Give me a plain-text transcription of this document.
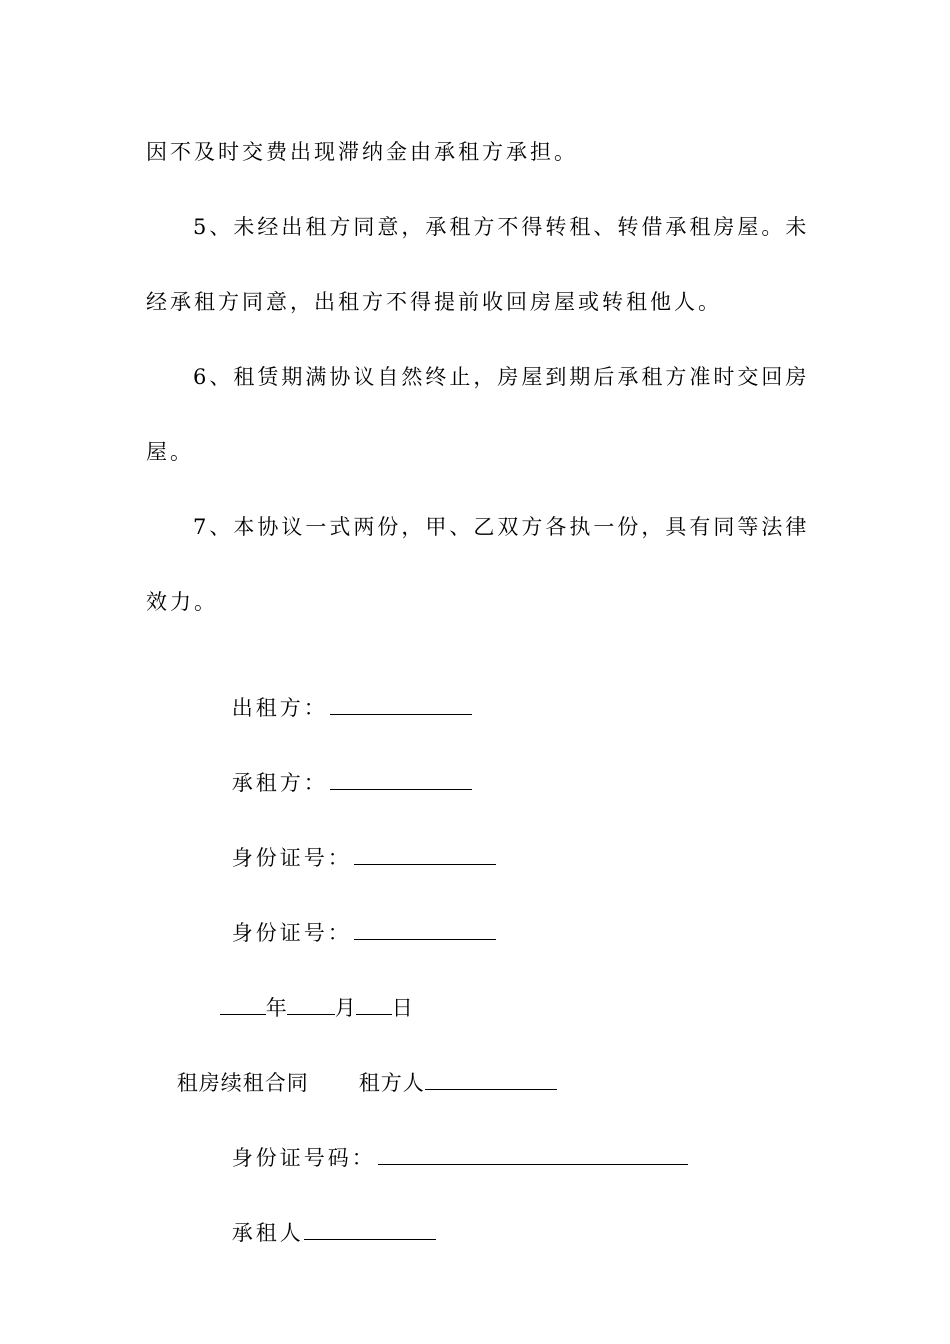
因不及时交费出现滞纳金由承租方承担。
5、未经出租方同意，承租方不得转租、转借承租房屋。未
经承租方同意，出租方不得提前收回房屋或转租他人。
6、租赁期满协议自然终止，房屋到期后承租方准时交回房
屋。
7、本协议一式两份，甲、乙双方各执一份，具有同等法律
效力。

出租方：

承租方：

身份证号：

身份证号：

年 月 日

租房续租合同 租方人

身份证号码：

承租人
